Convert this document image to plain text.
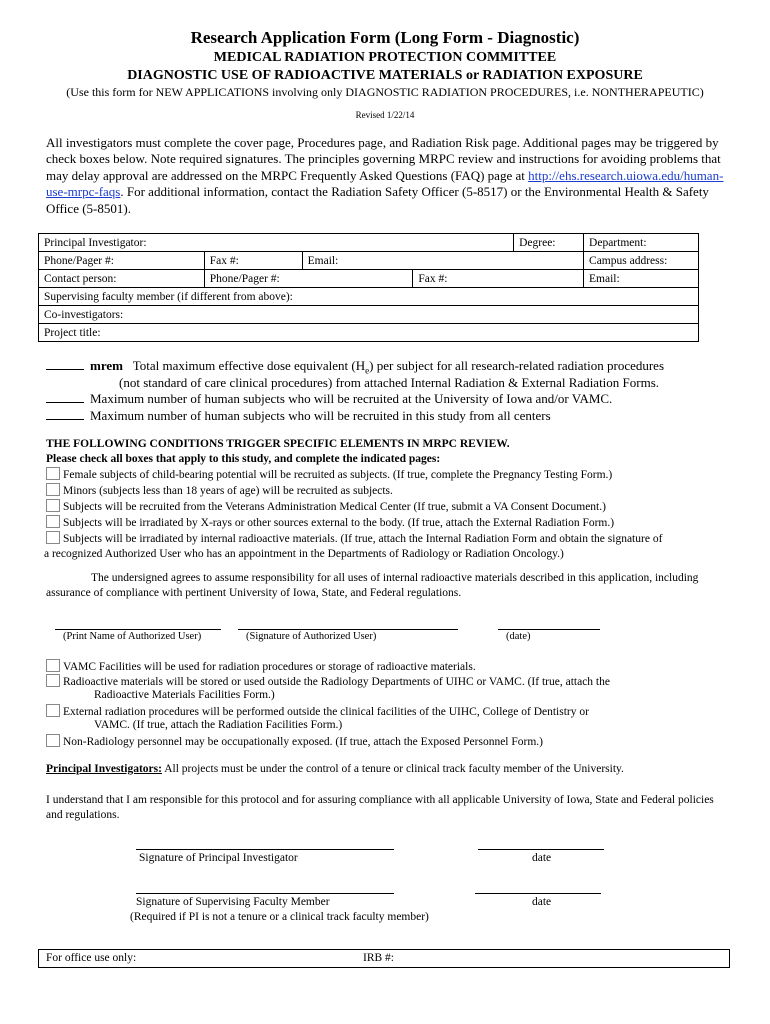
Research Application Form (Long Form - Diagnostic)
MEDICAL RADIATION PROTECTION COMMITTEE
DIAGNOSTIC USE OF RADIOACTIVE MATERIALS or RADIATION EXPOSURE
(Use this form for NEW APPLICATIONS involving only DIAGNOSTIC RADIATION PROCEDURES, i.e. NONTHERAPEUTIC)
Revised 1/22/14
All investigators must complete the cover page, Procedures page, and Radiation Risk page. Additional pages may be triggered by check boxes below. Note required signatures. The principles governing MRPC review and instructions for avoiding problems that may delay approval are addressed on the MRPC Frequently Asked Questions (FAQ) page at http://ehs.research.uiowa.edu/human-use-mrpc-faqs. For additional information, contact the Radiation Safety Officer (5-8517) or the Environmental Health & Safety Office (5-8501).
Principal Investigator:				Degree:	Department:
Phone/Pager #:	Fax #:	Email:			Campus address:
Contact person:	Phone/Pager #:		Fax #:		Email:
Supervising faculty member (if different from above):					
Co-investigators:					
Project title:					
mrem Total maximum effective dose equivalent $(H_e)$ per subject for all research-related radiation procedures
(not standard of care clinical procedures) from attached Internal Radiation & External Radiation Forms.
Maximum number of human subjects who will be recruited at the University of Iowa and/or VAMC.
Maximum number of human subjects who will be recruited in this study from all centers
THE FOLLOWING CONDITIONS TRIGGER SPECIFIC ELEMENTS IN MRPC REVIEW.
Please check all boxes that apply to this study, and complete the indicated pages:
Female subjects of child-bearing potential will be recruited as subjects. (If true, complete the Pregnancy Testing Form.)
Minors (subjects less than 18 years of age) will be recruited as subjects.
Subjects will be recruited from the Veterans Administration Medical Center (If true, submit a VA Consent Document.)
Subjects will be irradiated by X-rays or other sources external to the body. (If true, attach the External Radiation Form.)
Subjects will be irradiated by internal radioactive materials. (If true, attach the Internal Radiation Form and obtain the signature of
a recognized Authorized User who has an appointment in the Departments of Radiology or Radiation Oncology.)
The undersigned agrees to assume responsibility for all uses of internal radioactive materials described in this application, including assurance of compliance with pertinent University of Iowa, State, and Federal regulations.
(Print Name of Authorized User)	(Signature of Authorized User)	(date)
VAMC Facilities will be used for radiation procedures or storage of radioactive materials.
Radioactive materials will be stored or used outside the Radiology Departments of UIHC or VAMC. (If true, attach the
Radioactive Materials Facilities Form.)
External radiation procedures will be performed outside the clinical facilities of the UIHC, College of Dentistry or
VAMC. (If true, attach the Radiation Facilities Form.)
Non-Radiology personnel may be occupationally exposed. (If true, attach the Exposed Personnel Form.)
Principal Investigators: All projects must be under the control of a tenure or clinical track faculty member of the University.
I understand that I am responsible for this protocol and for assuring compliance with all applicable University of Iowa, State and Federal policies and regulations.
Signature of Principal Investigator	date
Signature of Supervising Faculty Member	date
(Required if PI is not a tenure or a clinical track faculty member)
For office use only:	IRB #:
